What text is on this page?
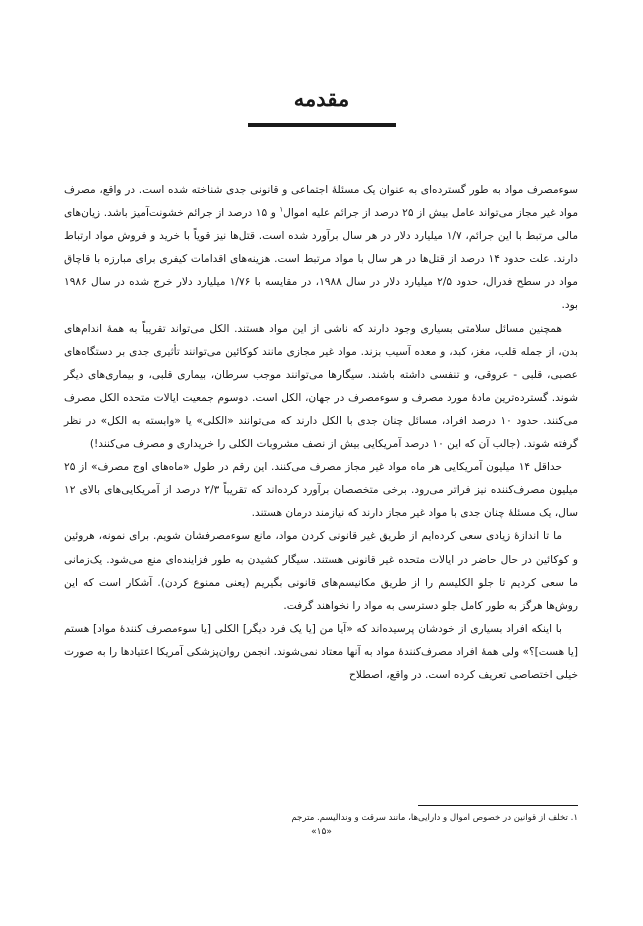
مقدمه

سوء‌مصرف مواد به طور گسترده‌ای به عنوان یک مسئلۀ اجتماعی و قانونی جدی شناخته شده است. در واقع، مصرف مواد غیر مجاز می‌تواند عامل بیش از ۲۵ درصد از جرائم علیه اموال$^۱$ و ۱۵ درصد از جرائم خشونت‌آمیز باشد. زیان‌های مالی مرتبط با این جرائم، ۱/۷ میلیارد دلار در هر سال برآورد شده است. قتل‌ها نیز قویاً با خرید و فروش مواد ارتباط دارند. علت حدود ۱۴ درصد از قتل‌ها در هر سال با مواد مرتبط است. هزینه‌های اقدامات کیفری برای مبارزه با قاچاق مواد در سطح فدرال، حدود ۲/۵ میلیارد دلار در سال ۱۹۸۸، در مقایسه با ۱/۷۶ میلیارد دلار خرج شده در سال ۱۹۸۶ بود.

همچنین مسائل سلامتی بسیاری وجود دارند که ناشی از این مواد هستند. الکل می‌تواند تقریباً به همهٔ اندام‌های بدن، از جمله قلب، مغز، کبد، و معده آسیب بزند. مواد غیر مجازی مانند کوکائین می‌توانند تأثیری جدی بر دستگاه‌های عصبی، قلبی - عروقی، و تنفسی داشته باشند. سیگارها می‌توانند موجب سرطان، بیماری قلبی، و بیماری‌های دیگر شوند. گسترده‌ترین مادهٔ مورد مصرف و سوء‌مصرف در جهان، الکل است. دوسوم جمعیت ایالات متحده الکل مصرف می‌کنند. حدود ۱۰ درصد افراد، مسائل چنان جدی با الکل دارند که می‌توانند «الکلی» یا «وابسته به الکل» در نظر گرفته شوند. (جالب آن که این ۱۰ درصد آمریکایی بیش از نصف مشروبات الکلی را خریداری و مصرف می‌کنند!)

حداقل ۱۴ میلیون آمریکایی هر ماه مواد غیر مجاز مصرف می‌کنند. این رقم در طول «ماه‌های اوج مصرف» از ۲۵ میلیون مصرف‌کننده نیز فراتر می‌رود. برخی متخصصان برآورد کرده‌اند که تقریباً ۲/۳ درصد از آمریکایی‌های بالای ۱۲ سال، یک مسئلۀ چنان جدی با مواد غیر مجاز دارند که نیازمند درمان هستند.

ما تا اندازهٔ زیادی سعی کرده‌ایم از طریق غیر قانونی کردن مواد، مانع سوء‌مصرفشان شویم. برای نمونه، هروئین و کوکائین در حال حاضر در ایالات متحده غیر قانونی هستند. سیگار کشیدن به طور فزاینده‌ای منع می‌شود. یک‌زمانی ما سعی کردیم تا جلو الکلیسم را از طریق مکانیسم‌های قانونی بگیریم (یعنی ممنوع کردن). آشکار است که این روش‌ها هرگز به طور کامل جلو دسترسی به مواد را نخواهند گرفت.

با اینکه افراد بسیاری از خودشان پرسیده‌اند که «آیا من [یا یک فرد دیگر] الکلی [یا سوء‌مصرف کنندهٔ مواد] هستم [یا هست]؟» ولی همهٔ افراد مصرف‌کنندهٔ مواد به آنها معتاد نمی‌شوند. انجمن روان‌پزشکی آمریکا اعتیادها را به صورت خیلی اختصاصی تعریف کرده است. در واقع، اصطلاح

۱. تخلف از قوانین در خصوص اموال و دارایی‌ها، مانند سرقت و وندالیسم. مترجم
«۱۵»
